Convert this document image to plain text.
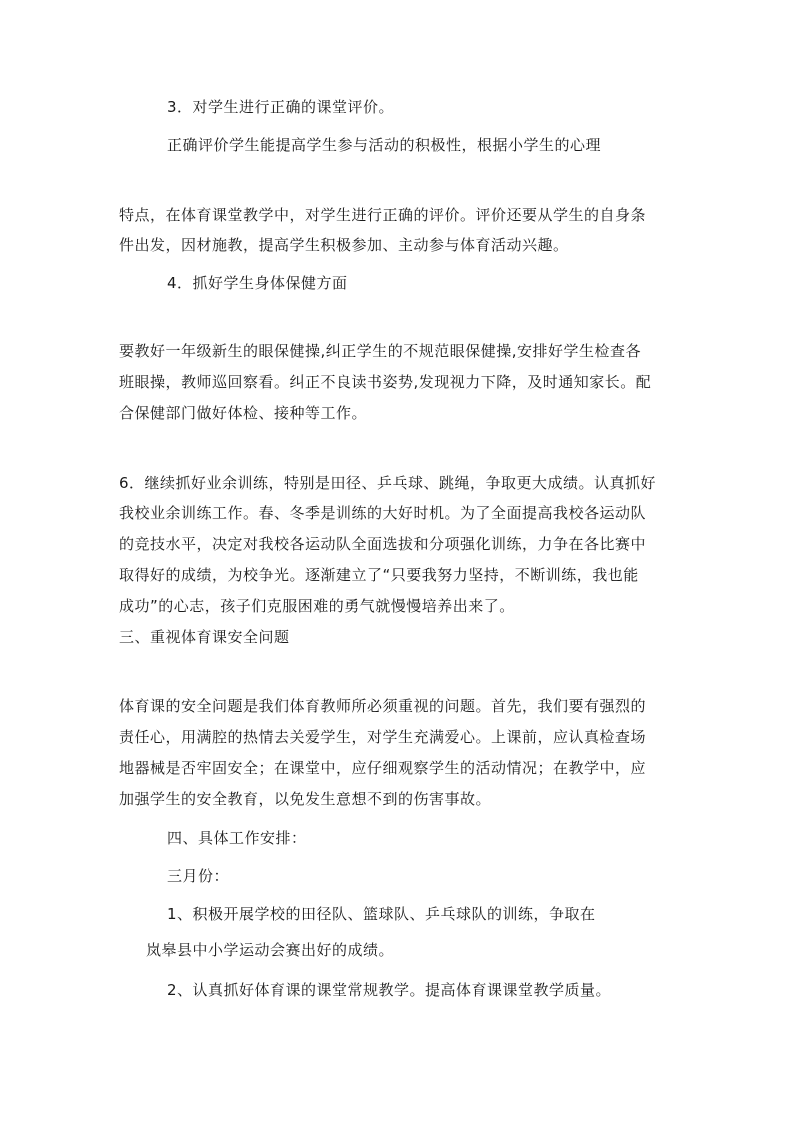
3．对学生进行正确的课堂评价。
正确评价学生能提高学生参与活动的积极性，根据小学生的心理
特点，在体育课堂教学中，对学生进行正确的评价。评价还要从学生的自身条
件出发，因材施教，提高学生积极参加、主动参与体育活动兴趣。
4．抓好学生身体保健方面
要教好一年级新生的眼保健操,纠正学生的不规范眼保健操,安排好学生检查各
班眼操，教师巡回察看。纠正不良读书姿势,发现视力下降，及时通知家长。配
合保健部门做好体检、接种等工作。
6．继续抓好业余训练，特别是田径、乒乓球、跳绳，争取更大成绩。认真抓好
我校业余训练工作。春、冬季是训练的大好时机。为了全面提高我校各运动队
的竞技水平，决定对我校各运动队全面选拔和分项强化训练，力争在各比赛中
取得好的成绩，为校争光。逐渐建立了“只要我努力坚持，不断训练，我也能
成功”的心志，孩子们克服困难的勇气就慢慢培养出来了。
三、重视体育课安全问题
体育课的安全问题是我们体育教师所必须重视的问题。首先，我们要有强烈的
责任心，用满腔的热情去关爱学生，对学生充满爱心。上课前，应认真检查场
地器械是否牢固安全；在课堂中，应仔细观察学生的活动情况；在教学中，应
加强学生的安全教育，以免发生意想不到的伤害事故。
四、具体工作安排：
三月份：
1、积极开展学校的田径队、篮球队、乒乓球队的训练，争取在
岚皋县中小学运动会赛出好的成绩。
2、认真抓好体育课的课堂常规教学。提高体育课课堂教学质量。
